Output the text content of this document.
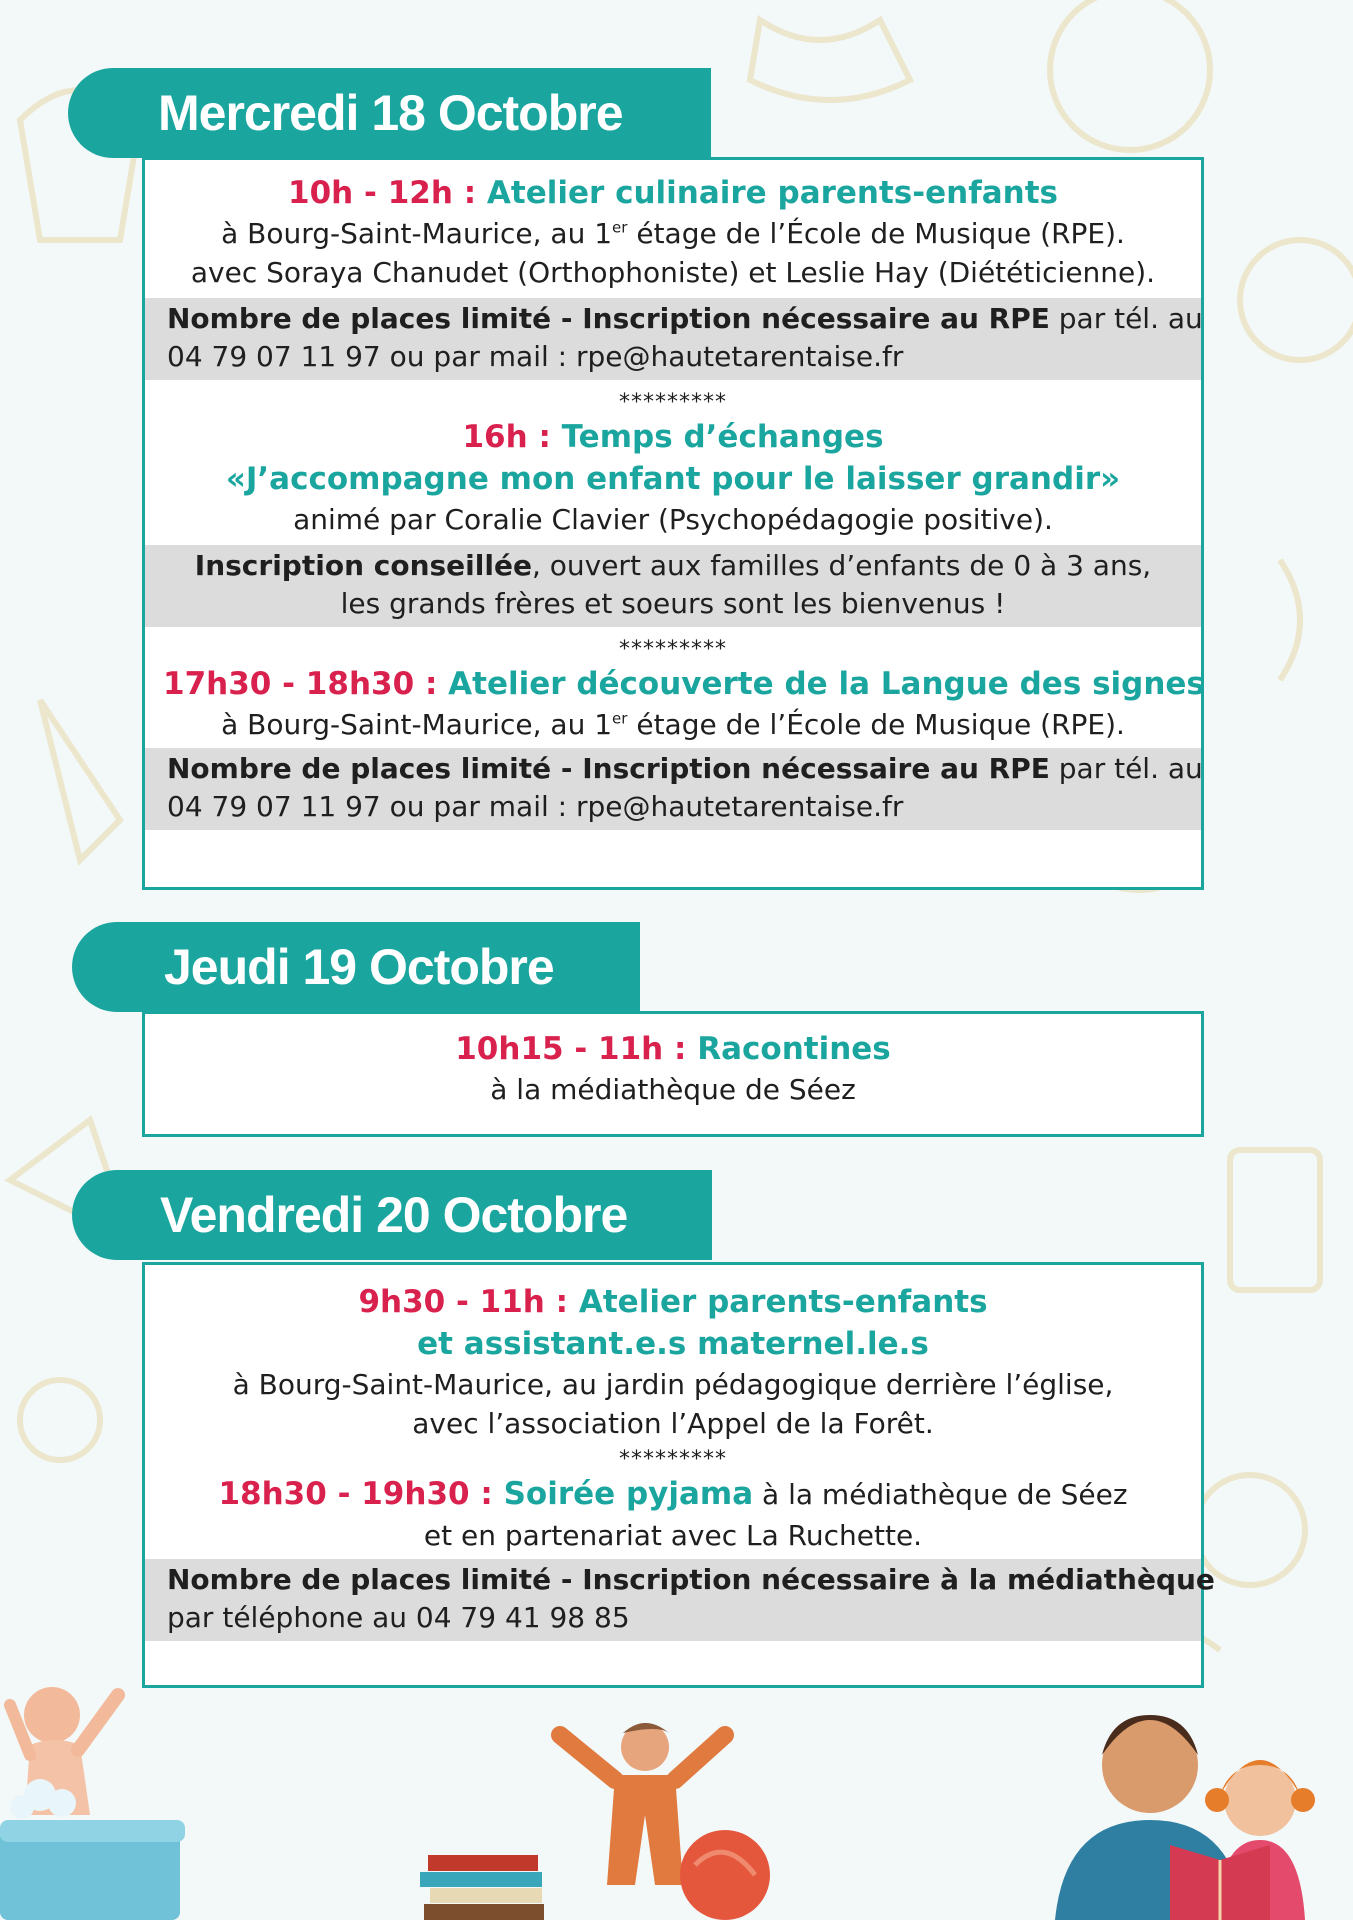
Mercredi 18 Octobre

10h - 12h : Atelier culinaire parents-enfants

à Bourg-Saint-Maurice, au 1er étage de l’École de Musique (RPE).

avec Soraya Chanudet (Orthophoniste) et Leslie Hay (Diététicienne).

Nombre de places limité - Inscription nécessaire au RPE par tél. au
04 79 07 11 97 ou par mail : rpe@hautetarentaise.fr
*********

16h : Temps d’échanges

«J’accompagne mon enfant pour le laisser grandir»

animé par Coralie Clavier (Psychopédagogie positive).

Inscription conseillée, ouvert aux familles d’enfants de 0 à 3 ans,
les grands frères et soeurs sont les bienvenus !
*********

17h30 - 18h30 : Atelier découverte de la Langue des signes

à Bourg-Saint-Maurice, au 1er étage de l’École de Musique (RPE).

Nombre de places limité - Inscription nécessaire au RPE par tél. au
04 79 07 11 97 ou par mail : rpe@hautetarentaise.fr
Jeudi 19 Octobre

10h15 - 11h : Racontines

à la médiathèque de Séez

Vendredi 20 Octobre

9h30 - 11h : Atelier parents-enfants

et assistant.e.s maternel.le.s

à Bourg-Saint-Maurice, au jardin pédagogique derrière l’église,

avec l’association l’Appel de la Forêt.

*********

18h30 - 19h30 : Soirée pyjama à la médiathèque de Séez

et en partenariat avec La Ruchette.

Nombre de places limité - Inscription nécessaire à la médiathèque
par téléphone au 04 79 41 98 85
